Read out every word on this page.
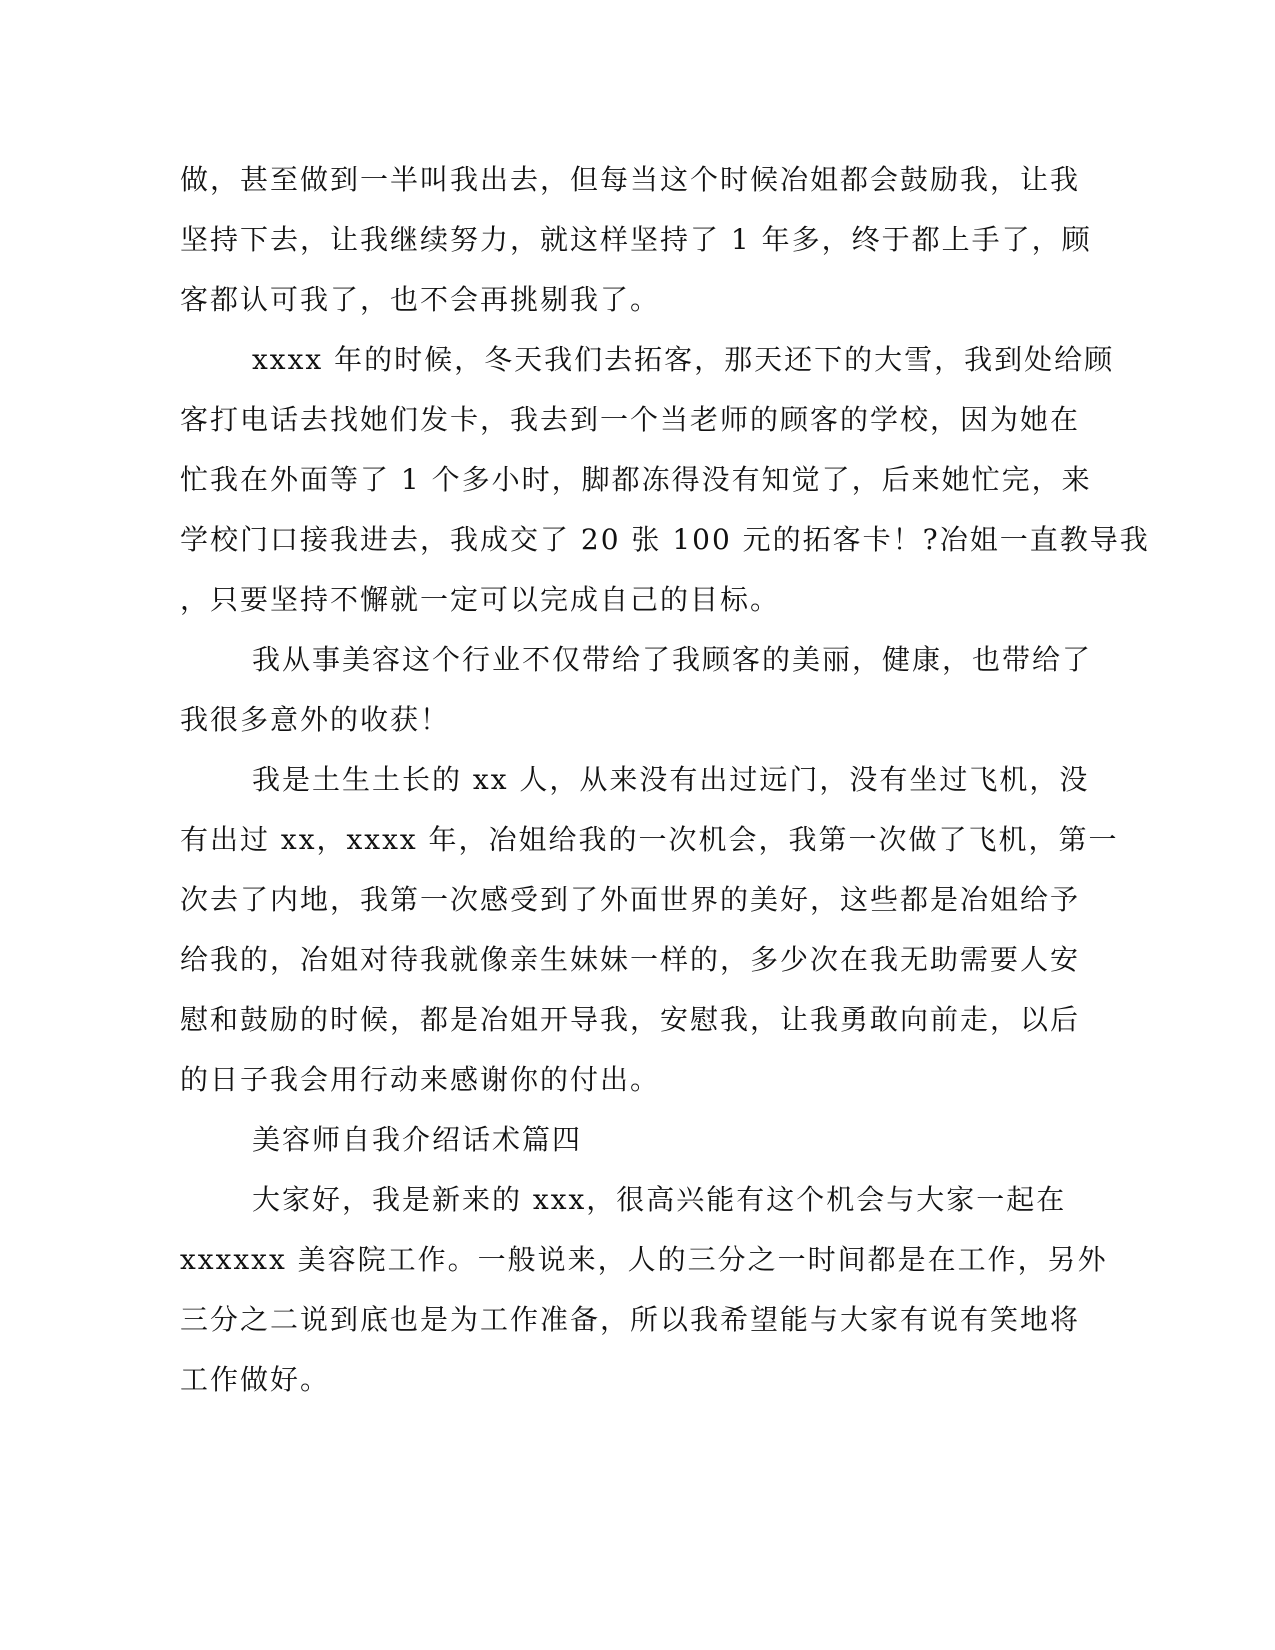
做，甚至做到一半叫我出去，但每当这个时候冶姐都会鼓励我，让我
坚持下去，让我继续努力，就这样坚持了 1 年多，终于都上手了，顾
客都认可我了，也不会再挑剔我了。
xxxx 年的时候，冬天我们去拓客，那天还下的大雪，我到处给顾
客打电话去找她们发卡，我去到一个当老师的顾客的学校，因为她在
忙我在外面等了 1 个多小时，脚都冻得没有知觉了，后来她忙完，来
学校门口接我进去，我成交了 20 张 100 元的拓客卡！?冶姐一直教导我
，只要坚持不懈就一定可以完成自己的目标。
我从事美容这个行业不仅带给了我顾客的美丽，健康，也带给了
我很多意外的收获！
我是土生土长的 xx 人，从来没有出过远门，没有坐过飞机，没
有出过 xx，xxxx 年，冶姐给我的一次机会，我第一次做了飞机，第一
次去了内地，我第一次感受到了外面世界的美好，这些都是冶姐给予
给我的，冶姐对待我就像亲生妹妹一样的，多少次在我无助需要人安
慰和鼓励的时候，都是冶姐开导我，安慰我，让我勇敢向前走，以后
的日子我会用行动来感谢你的付出。
美容师自我介绍话术篇四
大家好，我是新来的 xxx，很高兴能有这个机会与大家一起在
xxxxxx 美容院工作。一般说来，人的三分之一时间都是在工作，另外
三分之二说到底也是为工作准备，所以我希望能与大家有说有笑地将
工作做好。
